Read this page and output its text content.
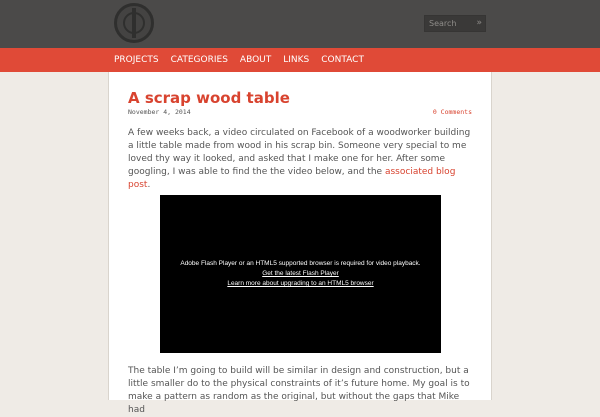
Search
»
PROJECTS CATEGORIES ABOUT LINKS CONTACT
A scrap wood table
November 4, 2014	0 Comments

A few weeks back, a video circulated on Facebook of a woodworker building a little table made from wood in his scrap bin. Someone very special to me loved thy way it looked, and asked that I make one for her. After some googling, I was able to find the the video below, and the associated blog post.

Adobe Flash Player or an HTML5 supported browser is required for video playback.
Get the latest Flash Player
Learn more about upgrading to an HTML5 browser

The table I’m going to build will be similar in design and construction, but a little smaller do to the physical constraints of it’s future home. My goal is to make a pattern as random as the original, but without the gaps that Mike had
